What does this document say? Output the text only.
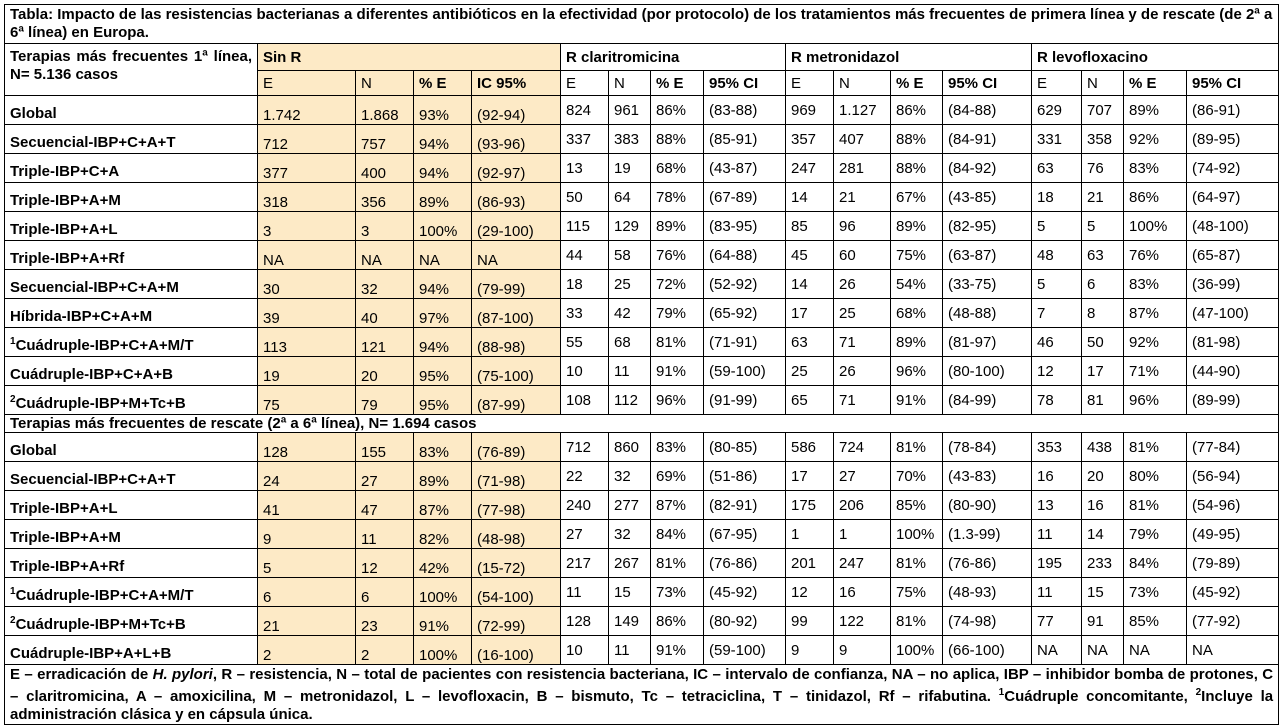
Tabla: Impacto de las resistencias bacterianas a diferentes antibióticos en la efectividad (por protocolo) de los tratamientos más frecuentes de primera línea y de rescate (de 2ª a 6ª línea) en Europa.																
Terapias más frecuentes 1ª línea, N= 5.136 casos	Sin R				R claritromicina				R metronidazol				R levofloxacino			
	E	N	% E	IC 95%	E	N	% E	95% CI	E	N	% E	95% CI	E	N	% E	95% CI
Global	1.742	1.868	93%	(92-94)	824	961	86%	(83-88)	969	1.127	86%	(84-88)	629	707	89%	(86-91)
Secuencial-IBP+C+A+T	712	757	94%	(93-96)	337	383	88%	(85-91)	357	407	88%	(84-91)	331	358	92%	(89-95)
Triple-IBP+C+A	377	400	94%	(92-97)	13	19	68%	(43-87)	247	281	88%	(84-92)	63	76	83%	(74-92)
Triple-IBP+A+M	318	356	89%	(86-93)	50	64	78%	(67-89)	14	21	67%	(43-85)	18	21	86%	(64-97)
Triple-IBP+A+L	3	3	100%	(29-100)	115	129	89%	(83-95)	85	96	89%	(82-95)	5	5	100%	(48-100)
Triple-IBP+A+Rf	NA	NA	NA	NA	44	58	76%	(64-88)	45	60	75%	(63-87)	48	63	76%	(65-87)
Secuencial-IBP+C+A+M	30	32	94%	(79-99)	18	25	72%	(52-92)	14	26	54%	(33-75)	5	6	83%	(36-99)
Híbrida-IBP+C+A+M	39	40	97%	(87-100)	33	42	79%	(65-92)	17	25	68%	(48-88)	7	8	87%	(47-100)
$^1$Cuádruple-IBP+C+A+M/T	113	121	94%	(88-98)	55	68	81%	(71-91)	63	71	89%	(81-97)	46	50	92%	(81-98)
Cuádruple-IBP+C+A+B	19	20	95%	(75-100)	10	11	91%	(59-100)	25	26	96%	(80-100)	12	17	71%	(44-90)
$^2$Cuádruple-IBP+M+Tc+B	75	79	95%	(87-99)	108	112	96%	(91-99)	65	71	91%	(84-99)	78	81	96%	(89-99)
Terapias más frecuentes de rescate (2ª a 6ª línea), N= 1.694 casos																
Global	128	155	83%	(76-89)	712	860	83%	(80-85)	586	724	81%	(78-84)	353	438	81%	(77-84)
Secuencial-IBP+C+A+T	24	27	89%	(71-98)	22	32	69%	(51-86)	17	27	70%	(43-83)	16	20	80%	(56-94)
Triple-IBP+A+L	41	47	87%	(77-98)	240	277	87%	(82-91)	175	206	85%	(80-90)	13	16	81%	(54-96)
Triple-IBP+A+M	9	11	82%	(48-98)	27	32	84%	(67-95)	1	1	100%	(1.3-99)	11	14	79%	(49-95)
Triple-IBP+A+Rf	5	12	42%	(15-72)	217	267	81%	(76-86)	201	247	81%	(76-86)	195	233	84%	(79-89)
$^1$Cuádruple-IBP+C+A+M/T	6	6	100%	(54-100)	11	15	73%	(45-92)	12	16	75%	(48-93)	11	15	73%	(45-92)
$^2$Cuádruple-IBP+M+Tc+B	21	23	91%	(72-99)	128	149	86%	(80-92)	99	122	81%	(74-98)	77	91	85%	(77-92)
Cuádruple-IBP+A+L+B	2	2	100%	(16-100)	10	11	91%	(59-100)	9	9	100%	(66-100)	NA	NA	NA	NA
E – erradicación de H. pylori, R – resistencia, N – total de pacientes con resistencia bacteriana, IC – intervalo de confianza, NA – no aplica, IBP – inhibidor bomba de protones, C – claritromicina, A – amoxicilina, M – metronidazol, L – levofloxacin, B – bismuto, Tc – tetraciclina, T – tinidazol, Rf – rifabutina. $^1$Cuádruple concomitante, $^2$Incluye la administración clásica y en cápsula única.																
